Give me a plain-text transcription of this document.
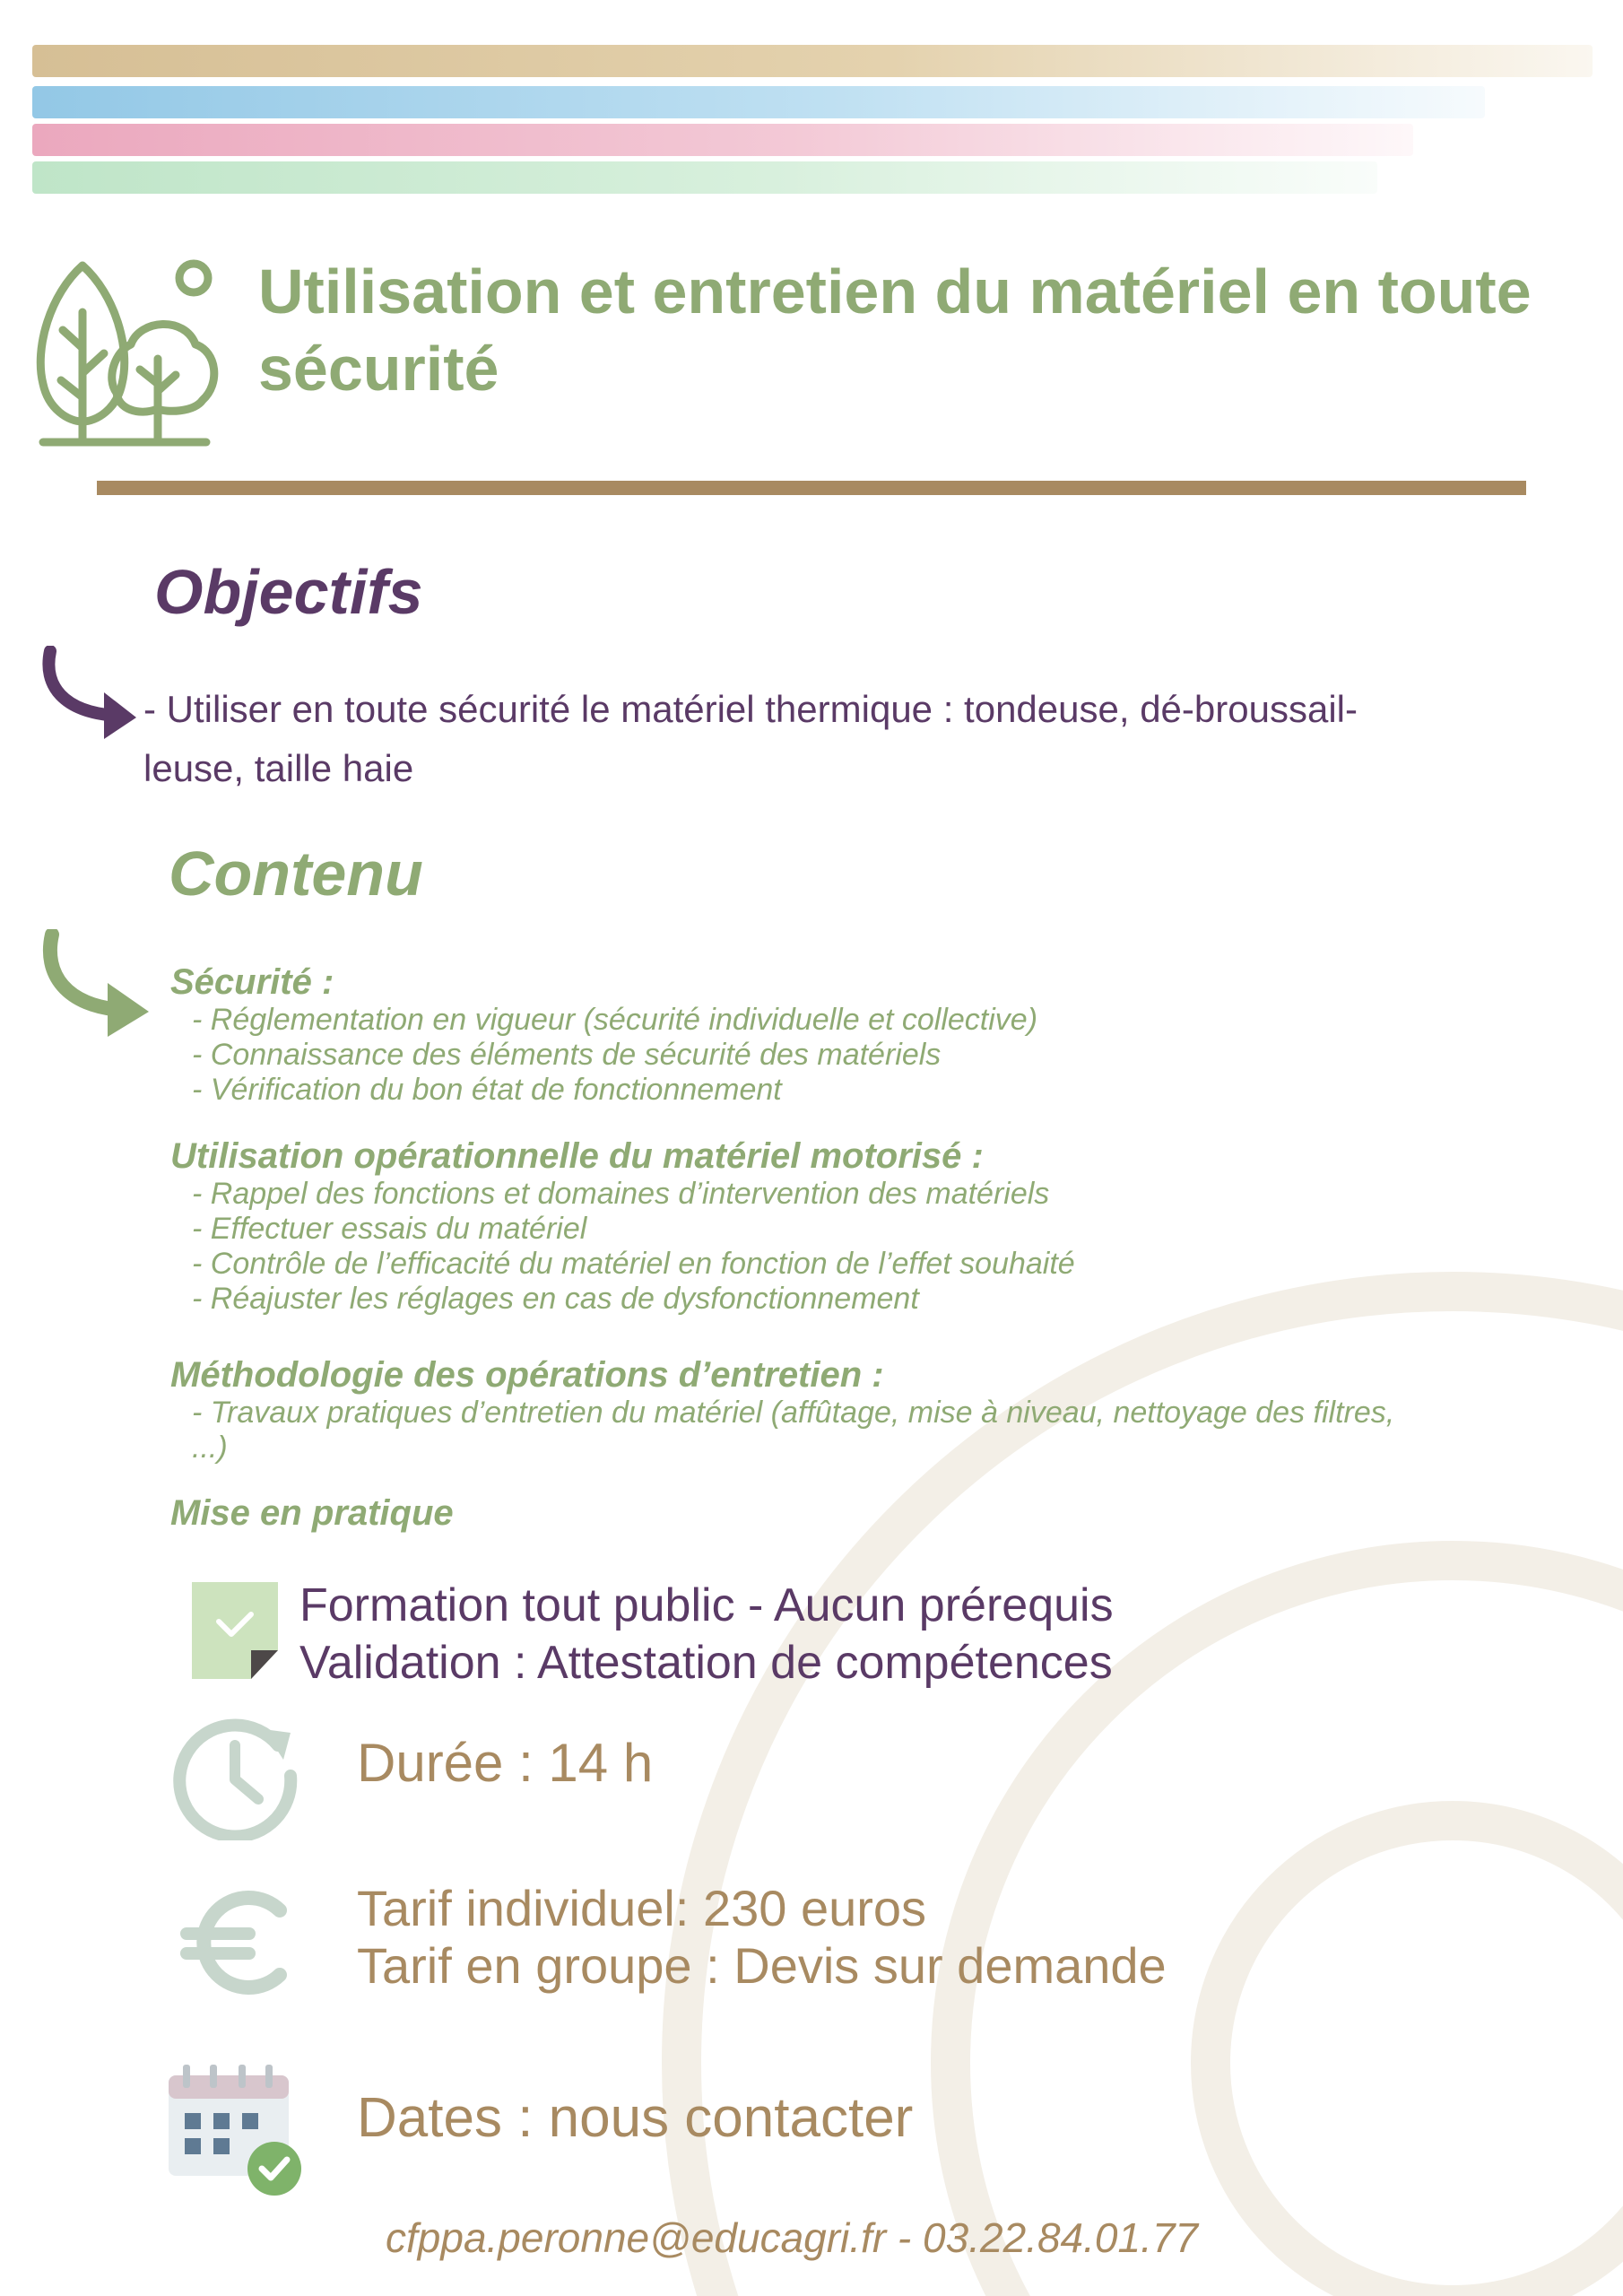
Utilisation et entretien du matériel en toute
sécurité
Objectifs
- Utiliser en toute sécurité le matériel thermique : tondeuse, dé-broussail-
leuse, taille haie
Contenu
Sécurité :
- Réglementation en vigueur (sécurité individuelle et collective)
- Connaissance des éléments de sécurité des matériels
- Vérification du bon état de fonctionnement
Utilisation opérationnelle du matériel motorisé :
- Rappel des fonctions et domaines d’intervention des matériels
- Effectuer essais du matériel
- Contrôle de l’efficacité du matériel en fonction de l’effet souhaité
- Réajuster les réglages en cas de dysfonctionnement
Méthodologie des opérations d’entretien :
- Travaux pratiques d’entretien du matériel (affûtage, mise à niveau, nettoyage des filtres,
...)
Mise en pratique
Formation tout public - Aucun prérequis
Validation : Attestation de compétences
Durée : 14 h
Tarif individuel: 230 euros
Tarif en groupe : Devis sur demande
Dates : nous contacter
cfppa.peronne@educagri.fr - 03.22.84.01.77
